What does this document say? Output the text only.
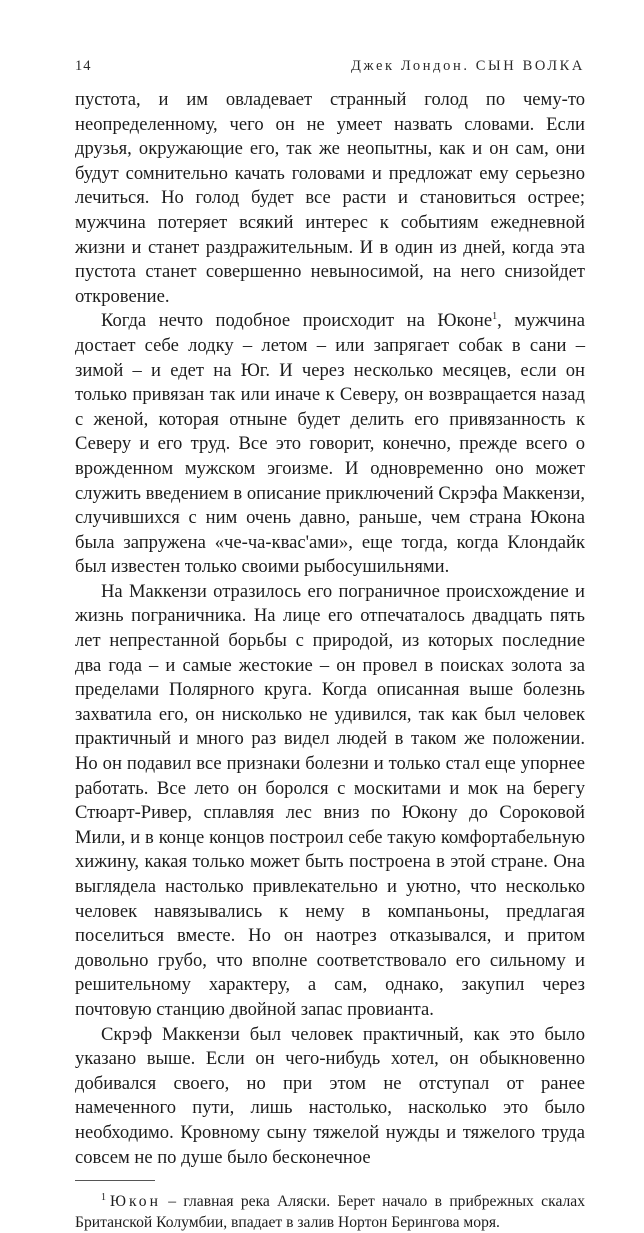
14	Джек Лондон. СЫН ВОЛКА

пустота, и им овладевает странный голод по чему-то неопределенному, чего он не умеет назвать словами. Если друзья, окружающие его, так же неопытны, как и он сам, они будут сомнительно качать головами и предложат ему серьезно лечиться. Но голод будет все расти и становиться острее; мужчина потеряет всякий интерес к событиям ежедневной жизни и станет раздражительным. И в один из дней, когда эта пустота станет совершенно невыносимой, на него снизойдет откровение.

Когда нечто подобное происходит на Юконе$^1$, мужчина достает себе лодку – летом – или запрягает собак в сани – зимой – и едет на Юг. И через несколько месяцев, если он только привязан так или иначе к Северу, он возвращается назад с женой, которая отныне будет делить его привязанность к Северу и его труд. Все это говорит, конечно, прежде всего о врожденном мужском эгоизме. И одновременно оно может служить введением в описание приключений Скрэфа Маккензи, случившихся с ним очень давно, раньше, чем страна Юкона была запружена «че-ча-квас'ами», еще тогда, когда Клондайк был известен только своими рыбосушильнями.

На Маккензи отразилось его пограничное происхождение и жизнь пограничника. На лице его отпечаталось двадцать пять лет непрестанной борьбы с природой, из которых последние два года – и самые жестокие – он провел в поисках золота за пределами Полярного круга. Когда описанная выше болезнь захватила его, он нисколько не удивился, так как был человек практичный и много раз видел людей в таком же положении. Но он подавил все признаки болезни и только стал еще упорнее работать. Все лето он боролся с москитами и мок на берегу Стюарт-Ривер, сплавляя лес вниз по Юкону до Сороковой Мили, и в конце концов построил себе такую комфортабельную хижину, какая только может быть построена в этой стране. Она выглядела настолько привлекательно и уютно, что несколько человек навязывались к нему в компаньоны, предлагая поселиться вместе. Но он наотрез отказывался, и притом довольно грубо, что вполне соответствовало его сильному и решительному характеру, а сам, однако, закупил через почтовую станцию двойной запас провианта.

Скрэф Маккензи был человек практичный, как это было указано выше. Если он чего-нибудь хотел, он обыкновенно добивался своего, но при этом не отступал от ранее намеченного пути, лишь настолько, насколько это было необходимо. Кровному сыну тяжелой нужды и тяжелого труда совсем не по душе было бесконечное

$^1$ Юкон – главная река Аляски. Берет начало в прибрежных скалах Британской Колумбии, впадает в залив Нортон Берингова моря.
